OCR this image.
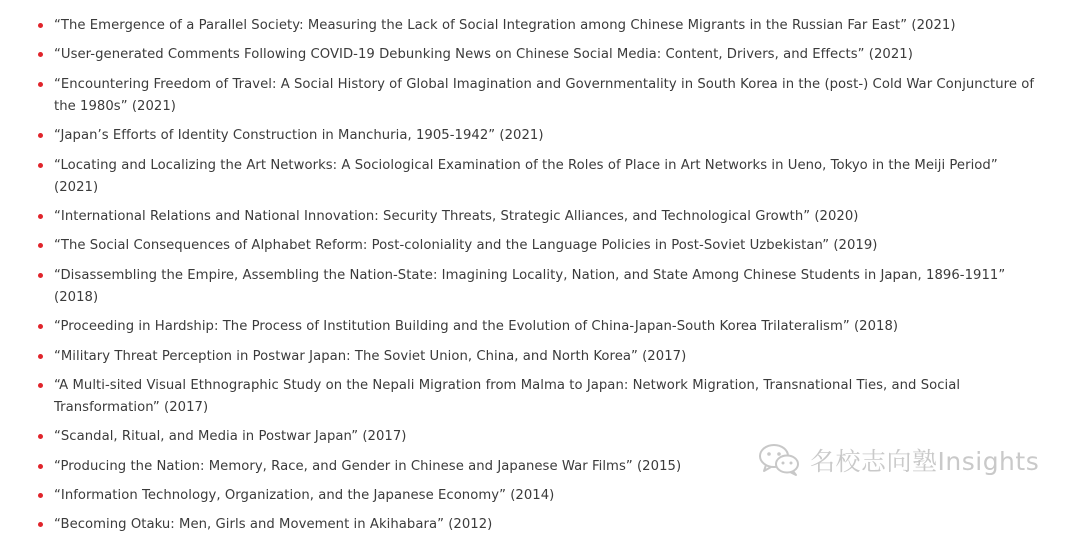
“The Emergence of a Parallel Society: Measuring the Lack of Social Integration among Chinese Migrants in the Russian Far East” (2021)
“User-generated Comments Following COVID-19 Debunking News on Chinese Social Media: Content, Drivers, and Effects” (2021)
“Encountering Freedom of Travel: A Social History of Global Imagination and Governmentality in South Korea in the (post-) Cold War Conjuncture of the 1980s” (2021)
“Japan’s Efforts of Identity Construction in Manchuria, 1905-1942” (2021)
“Locating and Localizing the Art Networks: A Sociological Examination of the Roles of Place in Art Networks in Ueno, Tokyo in the Meiji Period” (2021)
“International Relations and National Innovation: Security Threats, Strategic Alliances, and Technological Growth” (2020)
“The Social Consequences of Alphabet Reform: Post-coloniality and the Language Policies in Post-Soviet Uzbekistan” (2019)
“Disassembling the Empire, Assembling the Nation-State: Imagining Locality, Nation, and State Among Chinese Students in Japan, 1896-1911” (2018)
“Proceeding in Hardship: The Process of Institution Building and the Evolution of China-Japan-South Korea Trilateralism” (2018)
“Military Threat Perception in Postwar Japan: The Soviet Union, China, and North Korea” (2017)
“A Multi-sited Visual Ethnographic Study on the Nepali Migration from Malma to Japan: Network Migration, Transnational Ties, and Social Transformation” (2017)
“Scandal, Ritual, and Media in Postwar Japan” (2017)
“Producing the Nation: Memory, Race, and Gender in Chinese and Japanese War Films” (2015)
“Information Technology, Organization, and the Japanese Economy” (2014)
“Becoming Otaku: Men, Girls and Movement in Akihabara” (2012)
名校志向塾Insights
